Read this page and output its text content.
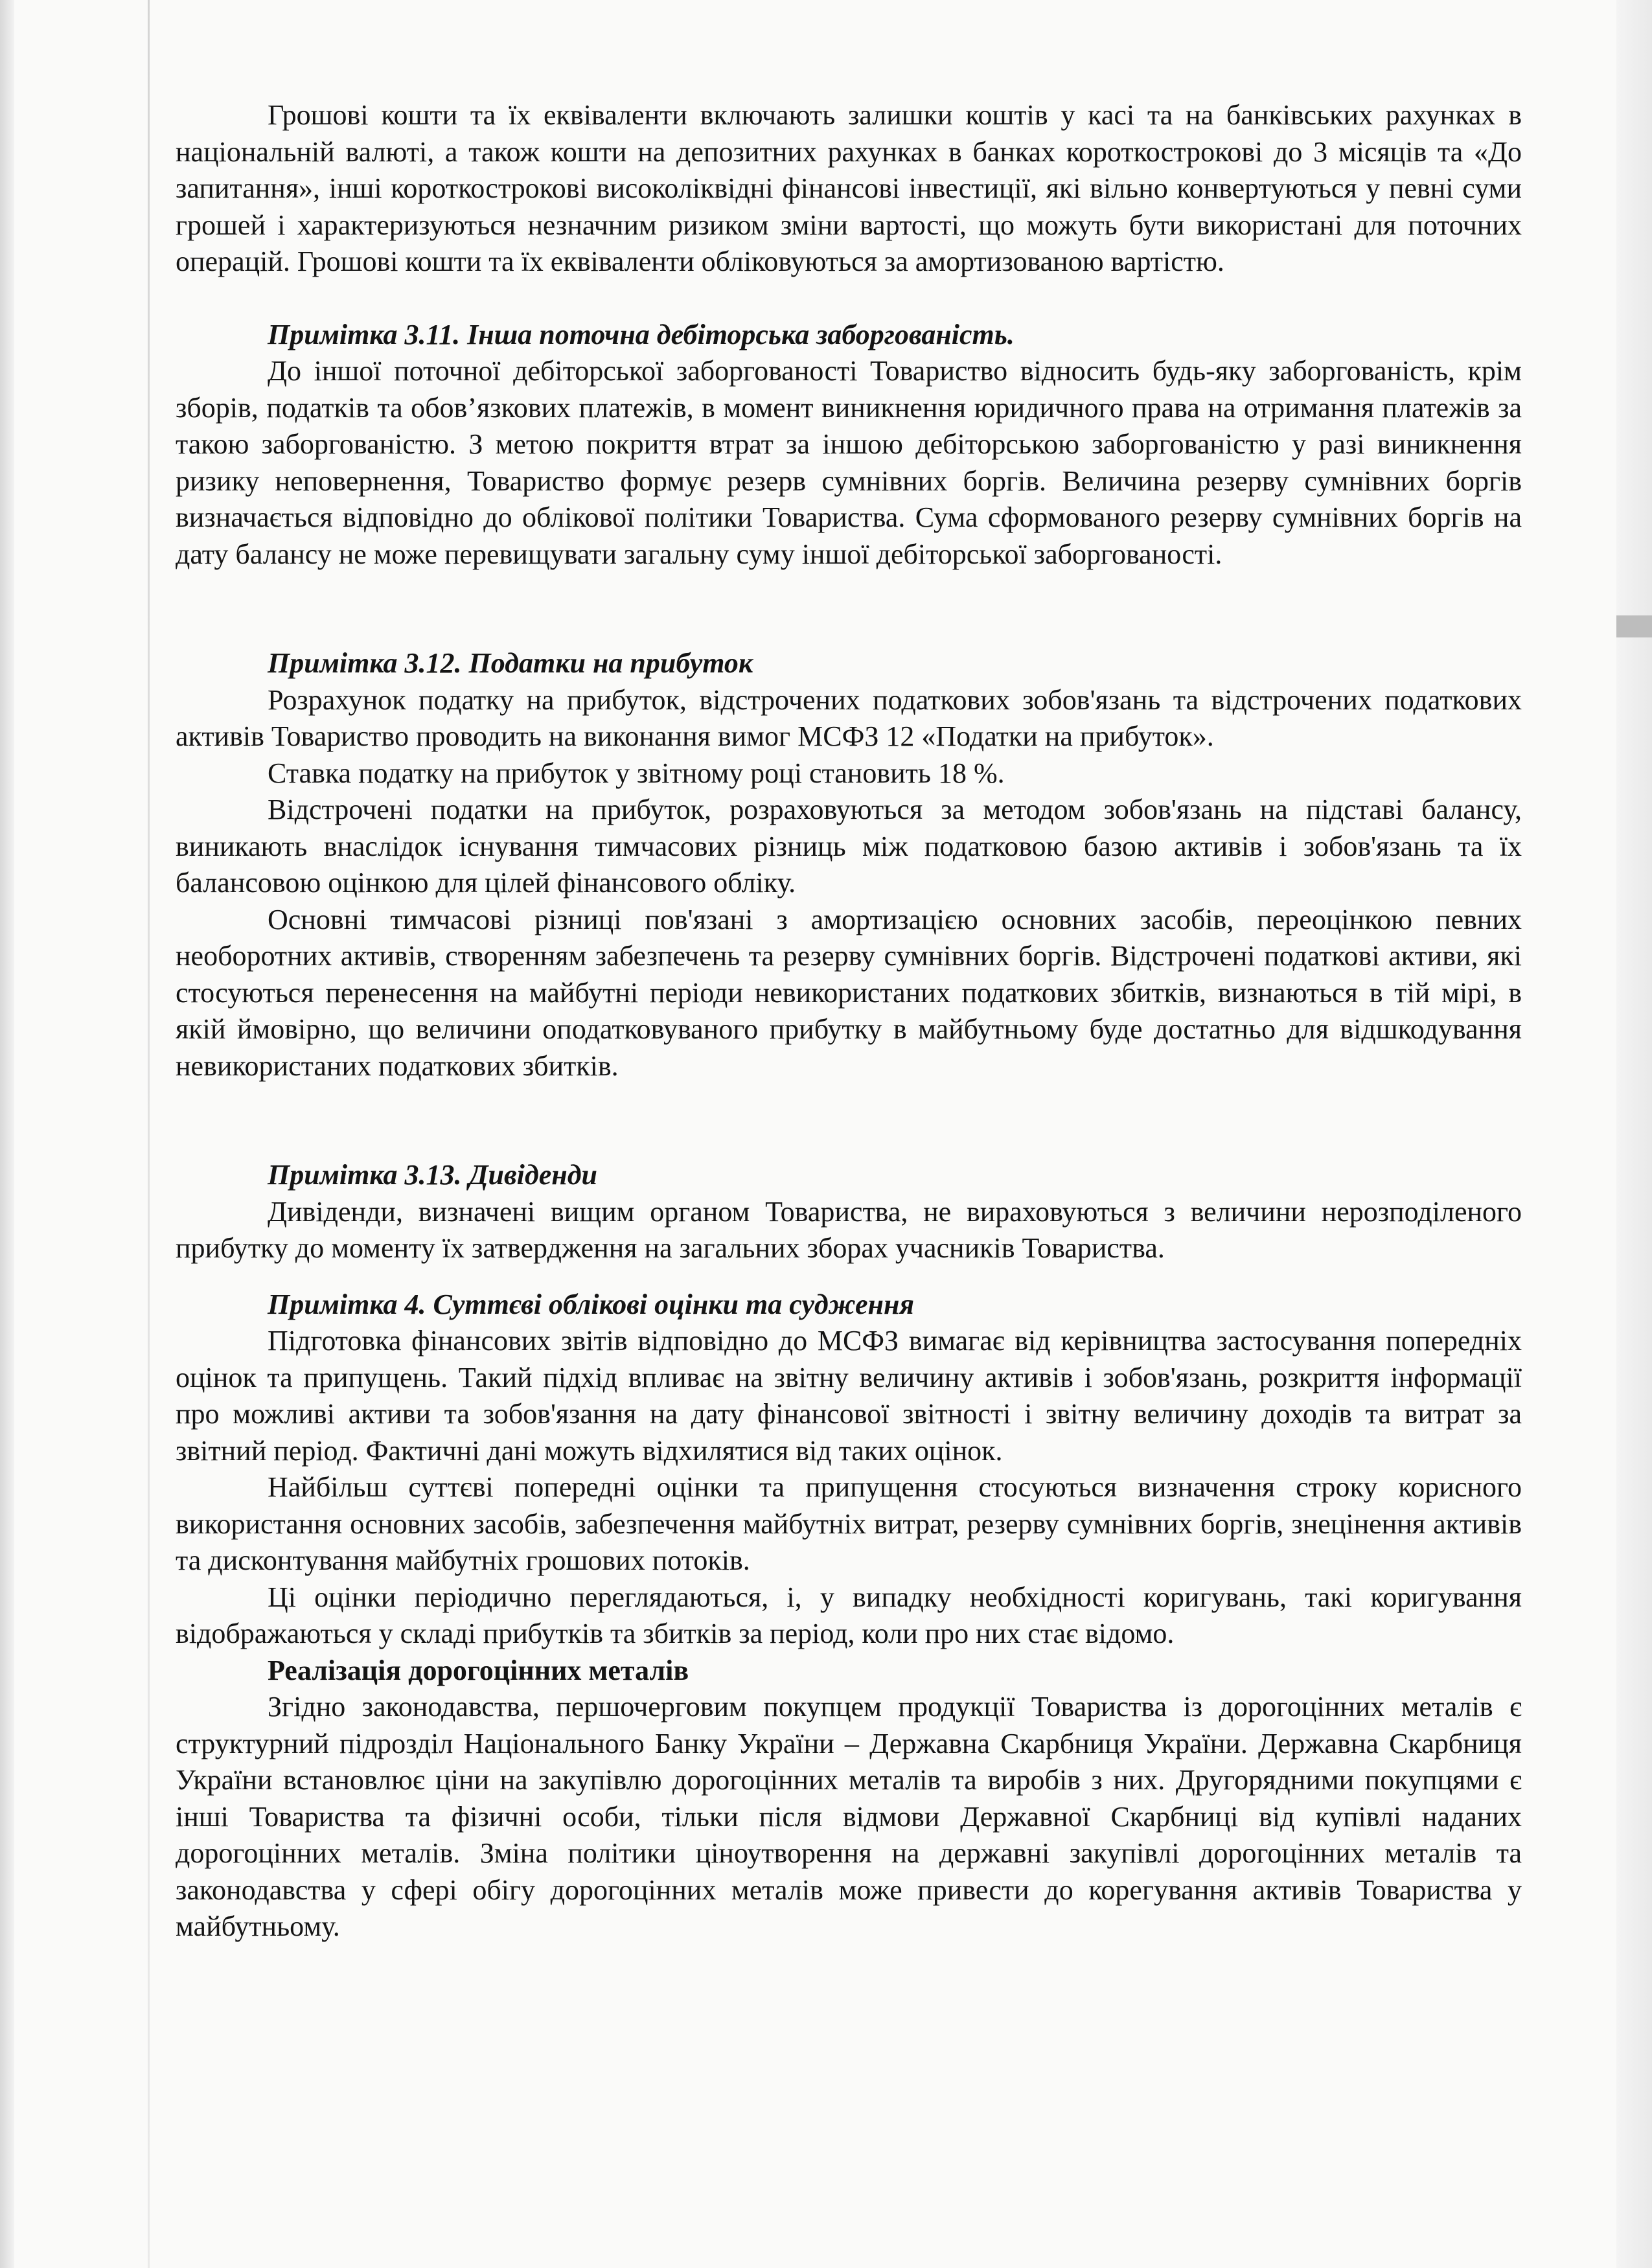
Грошові кошти та їх еквіваленти включають залишки коштів у касі та на банківських рахунках в національній валюті, а також кошти на депозитних рахунках в банках короткострокові до 3 місяців та «До запитання», інші короткострокові високоліквідні фінансові інвестиції, які вільно конвертуються у певні суми грошей і характеризуються незначним ризиком зміни вартості, що можуть бути використані для поточних операцій. Грошові кошти та їх еквіваленти обліковуються за амортизованою вартістю.

Примітка 3.11. Інша поточна дебіторська заборгованість.

До іншої поточної дебіторської заборгованості Товариство відносить будь-яку заборгованість, крім зборів, податків та обов’язкових платежів, в момент виникнення юридичного права на отримання платежів за такою заборгованістю. З метою покриття втрат за іншою дебіторською заборгованістю у разі виникнення ризику неповернення, Товариство формує резерв сумнівних боргів. Величина резерву сумнівних боргів визначається відповідно до облікової політики Товариства. Сума сформованого резерву сумнівних боргів на дату балансу не може перевищувати загальну суму іншої дебіторської заборгованості.

Примітка 3.12. Податки на прибуток

Розрахунок податку на прибуток, відстрочених податкових зобов'язань та відстрочених податкових активів Товариство проводить на виконання вимог МСФЗ 12 «Податки на прибуток».

Ставка податку на прибуток у звітному році становить 18 %.

Відстрочені податки на прибуток, розраховуються за методом зобов'язань на підставі балансу, виникають внаслідок існування тимчасових різниць між податковою базою активів і зобов'язань та їх балансовою оцінкою для цілей фінансового обліку.

Основні тимчасові різниці пов'язані з амортизацією основних засобів, переоцінкою певних необоротних активів, створенням забезпечень та резерву сумнівних боргів. Відстрочені податкові активи, які стосуються перенесення на майбутні періоди невикористаних податкових збитків, визнаються в тій мірі, в якій ймовірно, що величини оподатковуваного прибутку в майбутньому буде достатньо для відшкодування невикористаних податкових збитків.

Примітка 3.13. Дивіденди

Дивіденди, визначені вищим органом Товариства, не вираховуються з величини нерозподіленого прибутку до моменту їх затвердження на загальних зборах учасників Товариства.

Примітка 4. Суттєві облікові оцінки та судження

Підготовка фінансових звітів відповідно до МСФЗ вимагає від керівництва застосування попередніх оцінок та припущень. Такий підхід впливає на звітну величину активів і зобов'язань, розкриття інформації про можливі активи та зобов'язання на дату фінансової звітності і звітну величину доходів та витрат за звітний період. Фактичні дані можуть відхилятися від таких оцінок.

Найбільш суттєві попередні оцінки та припущення стосуються визначення строку корисного використання основних засобів, забезпечення майбутніх витрат, резерву сумнівних боргів, знецінення активів та дисконтування майбутніх грошових потоків.

Ці оцінки періодично переглядаються, і, у випадку необхідності коригувань, такі коригування відображаються у складі прибутків та збитків за період, коли про них стає відомо.

Реалізація дорогоцінних металів

Згідно законодавства, першочерговим покупцем продукції Товариства із дорогоцінних металів є структурний підрозділ Національного Банку України – Державна Скарбниця України. Державна Скарбниця України встановлює ціни на закупівлю дорогоцінних металів та виробів з них. Другорядними покупцями є інші Товариства та фізичні особи, тільки після відмови Державної Скарбниці від купівлі наданих дорогоцінних металів. Зміна політики ціноутворення на державні закупівлі дорогоцінних металів та законодавства у сфері обігу дорогоцінних металів може привести до корегування активів Товариства у майбутньому.
